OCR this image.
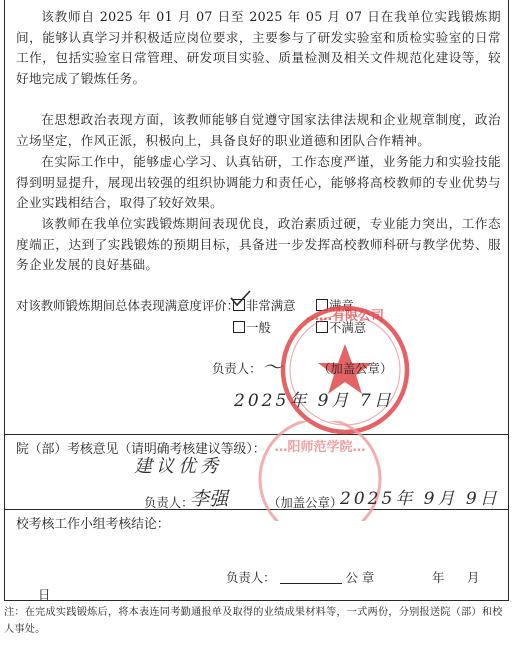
该教师自 2025 年 01 月 07 日至 2025 年 05 月 07 日在我单位实践锻炼期间，能够认真学习并积极适应岗位要求，主要参与了研发实验室和质检实验室的日常工作，包括实验室日常管理、研发项目实验、质量检测及相关文件规范化建设等，较好地完成了锻炼任务。

在思想政治表现方面，该教师能够自觉遵守国家法律法规和企业规章制度，政治立场坚定，作风正派，积极向上，具备良好的职业道德和团队合作精神。

在实际工作中，能够虚心学习、认真钻研，工作态度严谨，业务能力和实验技能得到明显提升，展现出较强的组织协调能力和责任心，能够将高校教师的专业优势与企业实践相结合，取得了较好效果。

该教师在我单位实践锻炼期间表现优良，政治素质过硬，专业能力突出，工作态度端正，达到了实践锻炼的预期目标，具备进一步发挥高校教师科研与教学优势、服务企业发展的良好基础。

对该教师锻炼期间总体表现满意度评价： 非常满意	满意
一般	不满意
……有限公司
负责人： ～	（加盖公章）
2025年 9月 7日
院（部）考核意见（请明确考核建议等级）：
建议优秀
…阳师范学院…
负责人：
李强	（加盖公章）
2025年 9月 9日
校考核工作小组考核结论：
负责人：	公 章	年 月
日
注：在完成实践锻炼后，将本表连同考勤通报单及取得的业绩成果材料等，一式两份，分别报送院（部）和校人事处。
